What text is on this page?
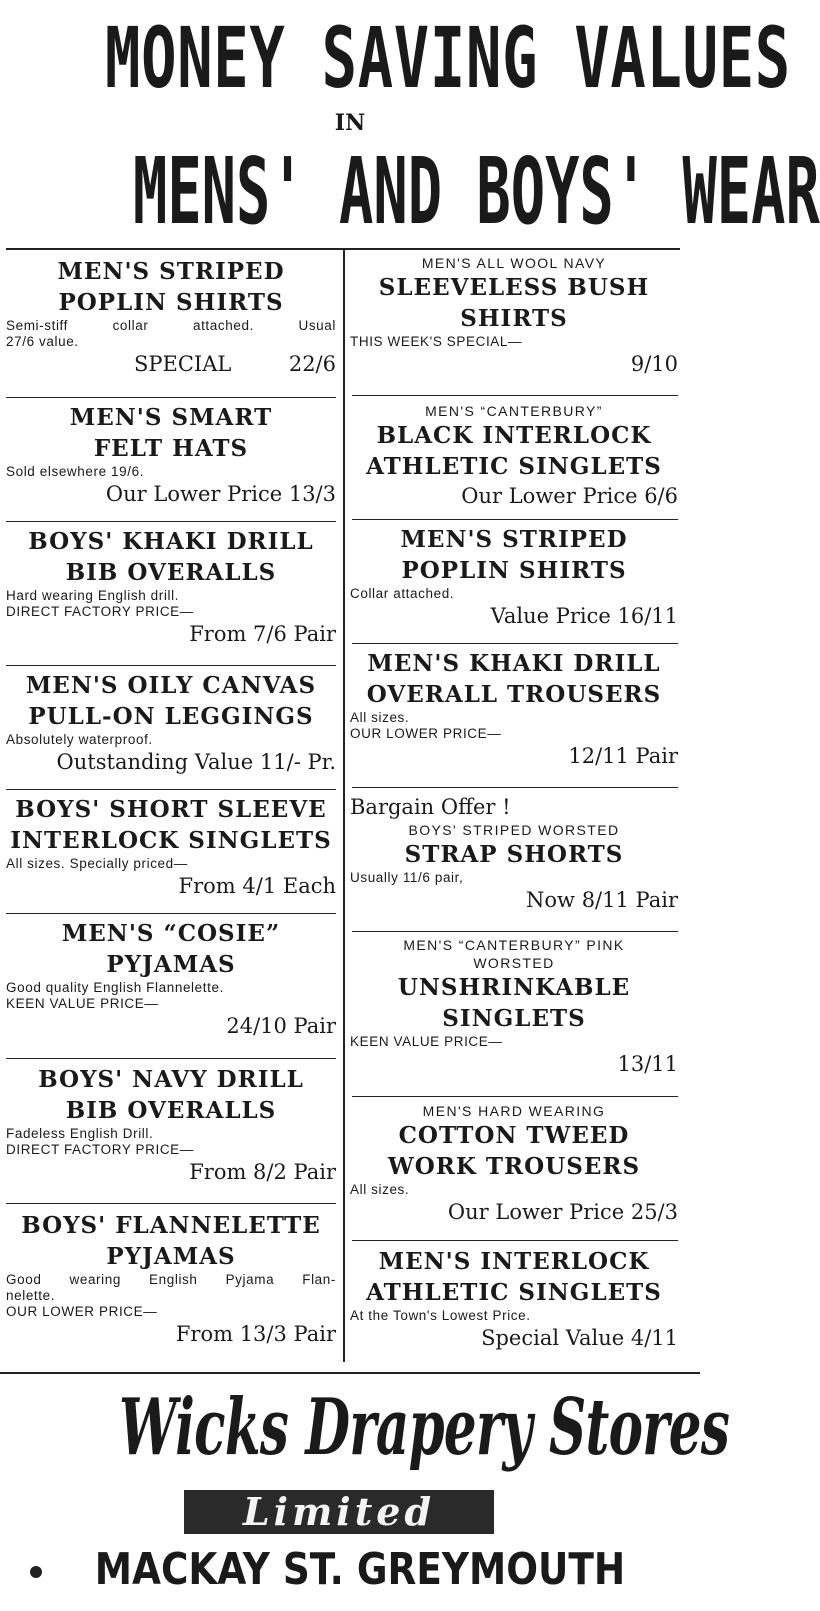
MONEY SAVING VALUES
IN
MENS' AND BOYS' WEAR
MEN'S STRIPED
POPLIN SHIRTS
Semi-stiff collar attached. Usual
27/6 value.
SPECIAL 22/6
MEN'S SMART
FELT HATS
Sold elsewhere 19/6.
Our Lower Price 13/3
BOYS' KHAKI DRILL
BIB OVERALLS
Hard wearing English drill.
DIRECT FACTORY PRICE—
From 7/6 Pair
MEN'S OILY CANVAS
PULL-ON LEGGINGS
Absolutely waterproof.
Outstanding Value 11/- Pr.
BOYS' SHORT SLEEVE
INTERLOCK SINGLETS
All sizes. Specially priced—
From 4/1 Each
MEN'S “COSIE”
PYJAMAS
Good quality English Flannelette.
KEEN VALUE PRICE—
24/10 Pair
BOYS' NAVY DRILL
BIB OVERALLS
Fadeless English Drill.
DIRECT FACTORY PRICE—
From 8/2 Pair
BOYS' FLANNELETTE
PYJAMAS
Good wearing English Pyjama Flan-
nelette.
OUR LOWER PRICE—
From 13/3 Pair
MEN'S ALL WOOL NAVY
SLEEVELESS BUSH
SHIRTS
THIS WEEK'S SPECIAL—
9/10
MEN'S “CANTERBURY”
BLACK INTERLOCK
ATHLETIC SINGLETS
Our Lower Price 6/6
MEN'S STRIPED
POPLIN SHIRTS
Collar attached.
Value Price 16/11
MEN'S KHAKI DRILL
OVERALL TROUSERS
All sizes.
OUR LOWER PRICE—
12/11 Pair
Bargain Offer !
BOYS' STRIPED WORSTED
STRAP SHORTS
Usually 11/6 pair,
Now 8/11 Pair
MEN'S “CANTERBURY” PINK
WORSTED
UNSHRINKABLE
SINGLETS
KEEN VALUE PRICE—
13/11
MEN'S HARD WEARING
COTTON TWEED
WORK TROUSERS
All sizes.
Our Lower Price 25/3
MEN'S INTERLOCK
ATHLETIC SINGLETS
At the Town's Lowest Price.
Special Value 4/11
Wicks Drapery Stores
Limited
MACKAY ST. GREYMOUTH
